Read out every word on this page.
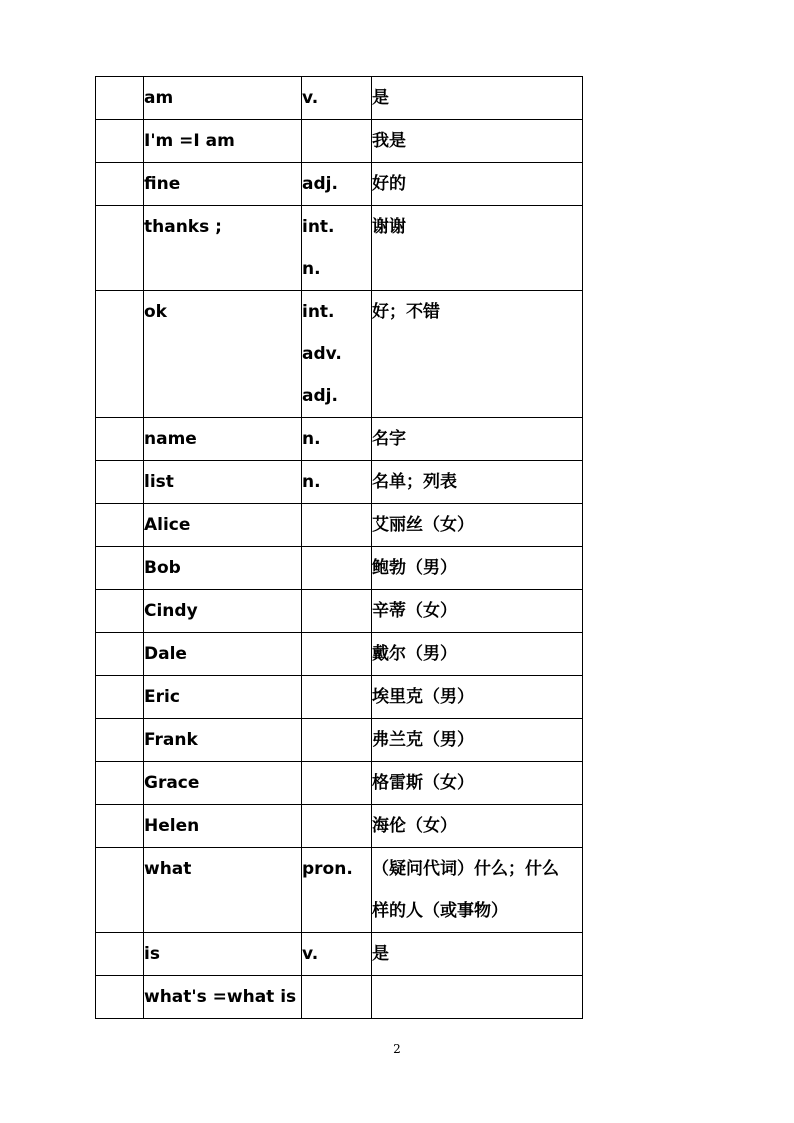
	am	v.	是

	I'm =I am		我是

	fine	adj.	好的

	thanks ;	int.
n.	谢谢

	ok	int.
adv.
adj.	好；不错

	name	n.	名字

	list	n.	名单；列表

	Alice		艾丽丝（女）

	Bob		鲍勃（男）

	Cindy		辛蒂（女）

	Dale		戴尔（男）

	Eric		埃里克（男）

	Frank		弗兰克（男）

	Grace		格雷斯（女）

	Helen		海伦（女）

	what	pron.	（疑问代词）什么；什么
样的人（或事物）

	is	v.	是

	what's =what is		

2
